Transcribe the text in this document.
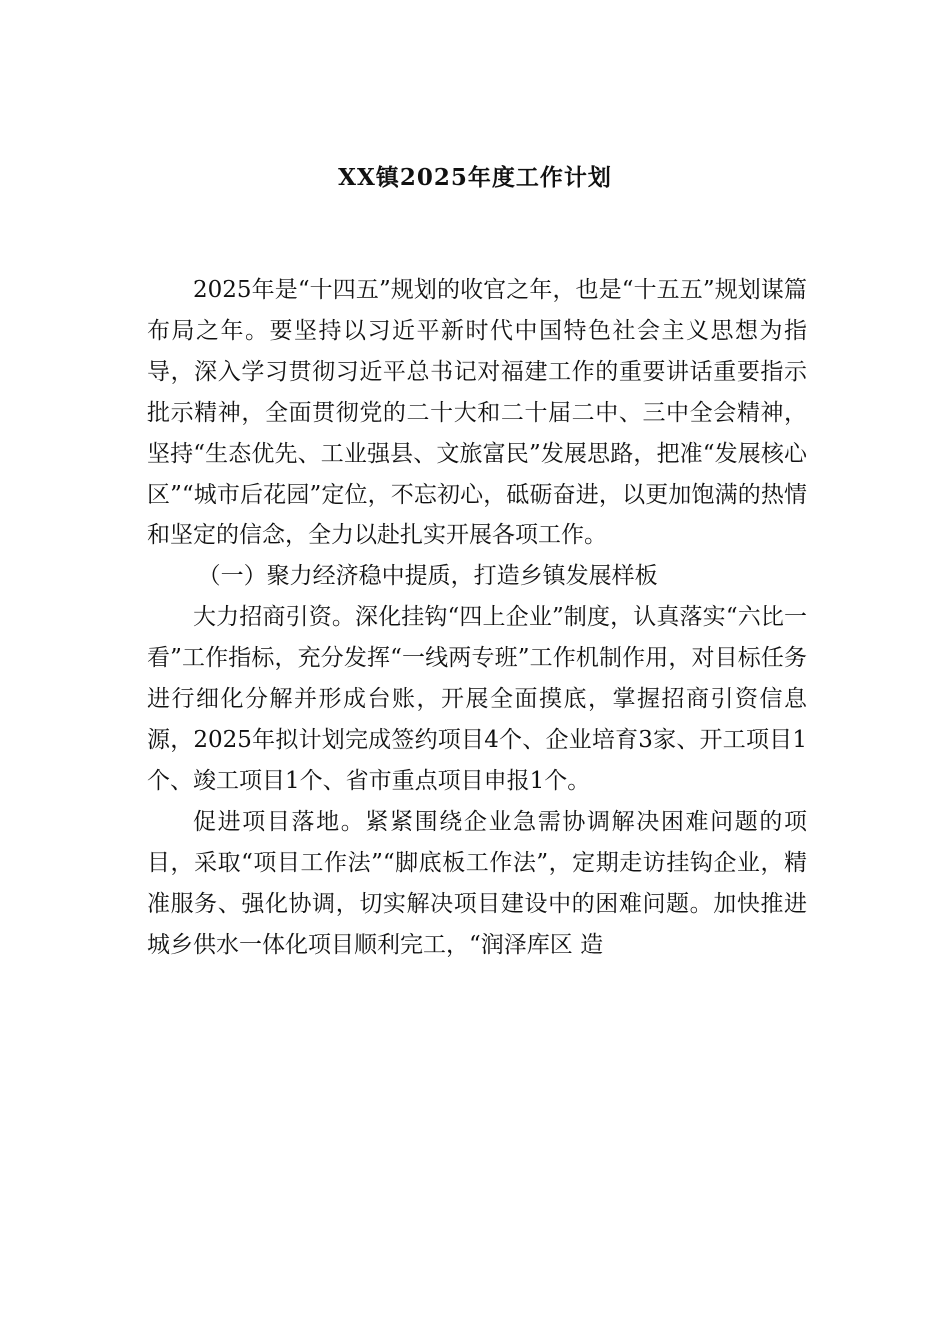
XX镇2025年度工作计划

2025年是“十四五”规划的收官之年，也是“十五五”规划谋篇布局之年。要坚持以习近平新时代中国特色社会主义思想为指导，深入学习贯彻习近平总书记对福建工作的重要讲话重要指示批示精神，全面贯彻党的二十大和二十届二中、三中全会精神，坚持“生态优先、工业强县、文旅富民”发展思路，把准“发展核心区”“城市后花园”定位，不忘初心，砥砺奋进，以更加饱满的热情和坚定的信念，全力以赴扎实开展各项工作。

（一）聚力经济稳中提质，打造乡镇发展样板

大力招商引资。深化挂钩“四上企业”制度，认真落实“六比一看”工作指标，充分发挥“一线两专班”工作机制作用，对目标任务进行细化分解并形成台账，开展全面摸底，掌握招商引资信息源，2025年拟计划完成签约项目4个、企业培育3家、开工项目1个、竣工项目1个、省市重点项目申报1个。

促进项目落地。紧紧围绕企业急需协调解决困难问题的项目，采取“项目工作法”“脚底板工作法”，定期走访挂钩企业，精准服务、强化协调，切实解决项目建设中的困难问题。加快推进城乡供水一体化项目顺利完工，“润泽库区 造
